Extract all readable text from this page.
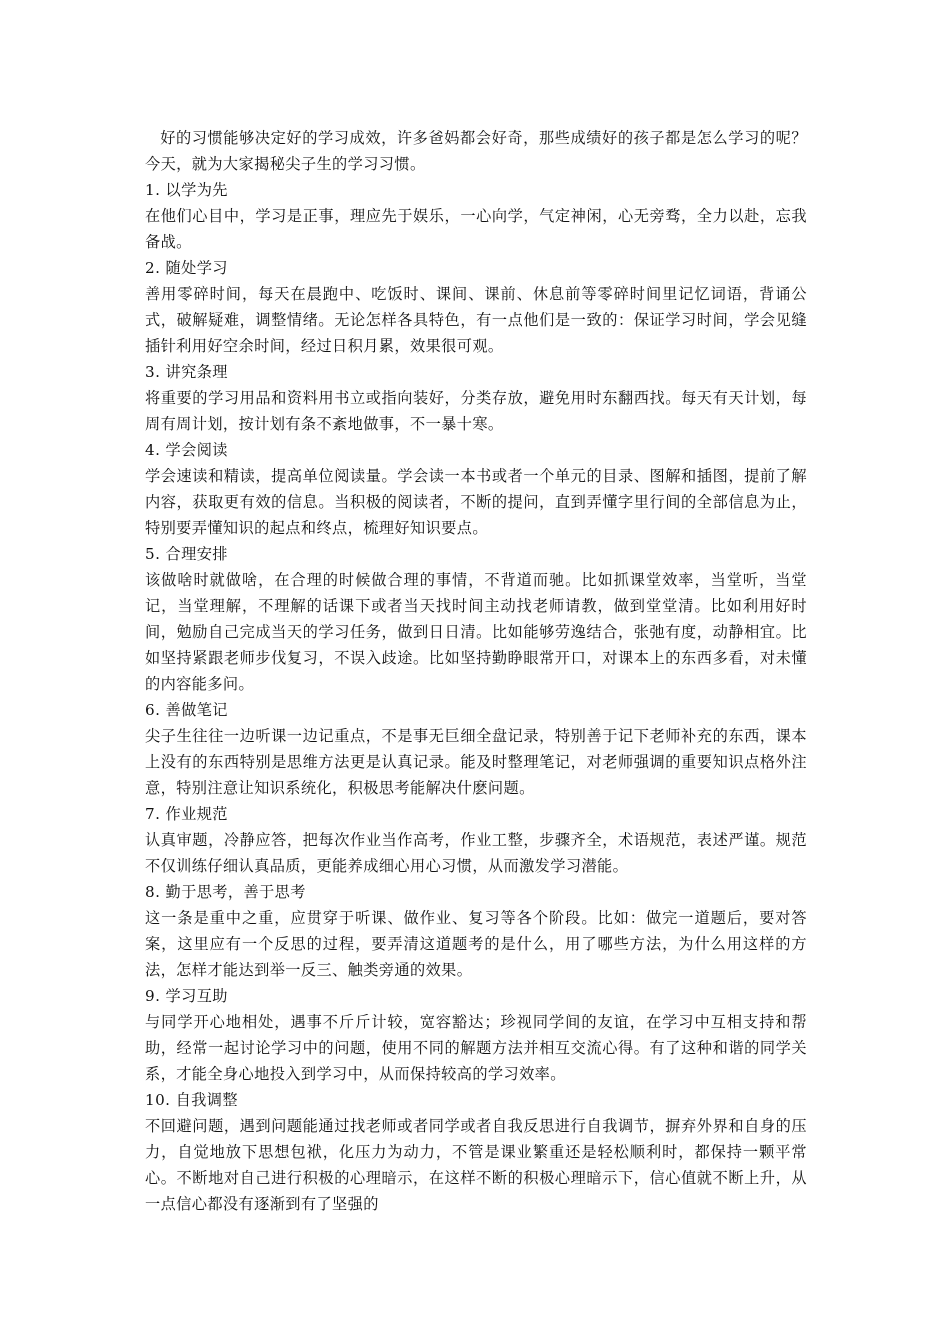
好的习惯能够决定好的学习成效，许多爸妈都会好奇，那些成绩好的孩子都是怎么学习的呢？今天，就为大家揭秘尖子生的学习习惯。

1. 以学为先

在他们心目中，学习是正事，理应先于娱乐，一心向学，气定神闲，心无旁骛，全力以赴，忘我备战。

2. 随处学习

善用零碎时间，每天在晨跑中、吃饭时、课间、课前、休息前等零碎时间里记忆词语，背诵公式，破解疑难，调整情绪。无论怎样各具特色，有一点他们是一致的：保证学习时间，学会见缝插针利用好空余时间，经过日积月累，效果很可观。

3. 讲究条理

将重要的学习用品和资料用书立或指向装好，分类存放，避免用时东翻西找。每天有天计划，每周有周计划，按计划有条不紊地做事，不一暴十寒。

4. 学会阅读

学会速读和精读，提高单位阅读量。学会读一本书或者一个单元的目录、图解和插图，提前了解内容，获取更有效的信息。当积极的阅读者，不断的提问，直到弄懂字里行间的全部信息为止，特别要弄懂知识的起点和终点，梳理好知识要点。

5. 合理安排

该做啥时就做啥，在合理的时候做合理的事情，不背道而驰。比如抓课堂效率，当堂听，当堂记，当堂理解，不理解的话课下或者当天找时间主动找老师请教，做到堂堂清。比如利用好时间，勉励自己完成当天的学习任务，做到日日清。比如能够劳逸结合，张弛有度，动静相宜。比如坚持紧跟老师步伐复习，不误入歧途。比如坚持勤睁眼常开口，对课本上的东西多看，对未懂的内容能多问。

6. 善做笔记

尖子生往往一边听课一边记重点，不是事无巨细全盘记录，特别善于记下老师补充的东西，课本上没有的东西特别是思维方法更是认真记录。能及时整理笔记，对老师强调的重要知识点格外注意，特别注意让知识系统化，积极思考能解决什麽问题。

7. 作业规范

认真审题，冷静应答，把每次作业当作高考，作业工整，步骤齐全，术语规范，表述严谨。规范不仅训练仔细认真品质，更能养成细心用心习惯，从而激发学习潜能。

8. 勤于思考，善于思考

这一条是重中之重，应贯穿于听课、做作业、复习等各个阶段。比如：做完一道题后，要对答案，这里应有一个反思的过程，要弄清这道题考的是什么，用了哪些方法，为什么用这样的方法，怎样才能达到举一反三、触类旁通的效果。

9. 学习互助

与同学开心地相处，遇事不斤斤计较，宽容豁达；珍视同学间的友谊，在学习中互相支持和帮助，经常一起讨论学习中的问题，使用不同的解题方法并相互交流心得。有了这种和谐的同学关系，才能全身心地投入到学习中，从而保持较高的学习效率。

10. 自我调整

不回避问题，遇到问题能通过找老师或者同学或者自我反思进行自我调节，摒弃外界和自身的压力，自觉地放下思想包袱，化压力为动力，不管是课业繁重还是轻松顺利时，都保持一颗平常心。不断地对自己进行积极的心理暗示，在这样不断的积极心理暗示下，信心值就不断上升，从一点信心都没有逐渐到有了坚强的
